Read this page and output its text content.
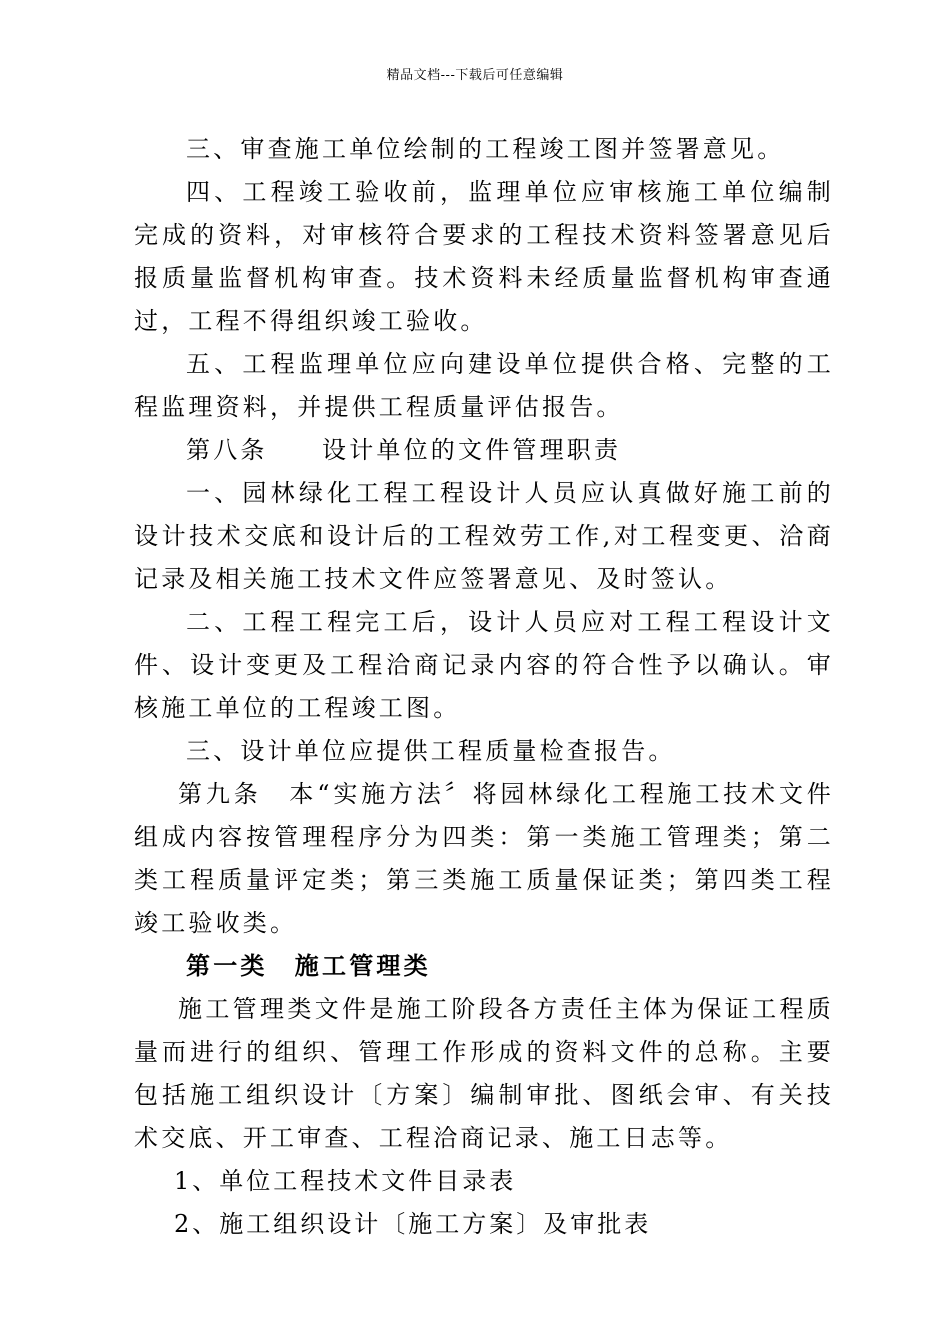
精品文档---下载后可任意编辑

三、审查施工单位绘制的工程竣工图并签署意见。

四、工程竣工验收前，监理单位应审核施工单位编制完成的资料，对审核符合要求的工程技术资料签署意见后报质量监督机构审查。技术资料未经质量监督机构审查通过，工程不得组织竣工验收。

五、工程监理单位应向建设单位提供合格、完整的工程监理资料，并提供工程质量评估报告。

第八条　　设计单位的文件管理职责

一、园林绿化工程工程设计人员应认真做好施工前的设计技术交底和设计后的工程效劳工作,对工程变更、洽商记录及相关施工技术文件应签署意见、及时签认。

二、工程工程完工后，设计人员应对工程工程设计文件、设计变更及工程洽商记录内容的符合性予以确认。审核施工单位的工程竣工图。

三、设计单位应提供工程质量检查报告。

第九条　本“实施方法〞将园林绿化工程施工技术文件组成内容按管理程序分为四类：第一类施工管理类；第二类工程质量评定类；第三类施工质量保证类；第四类工程竣工验收类。

第一类　施工管理类

施工管理类文件是施工阶段各方责任主体为保证工程质量而进行的组织、管理工作形成的资料文件的总称。主要包括施工组织设计〔方案〕编制审批、图纸会审、有关技术交底、开工审查、工程洽商记录、施工日志等。

1、单位工程技术文件目录表

2、施工组织设计〔施工方案〕及审批表
